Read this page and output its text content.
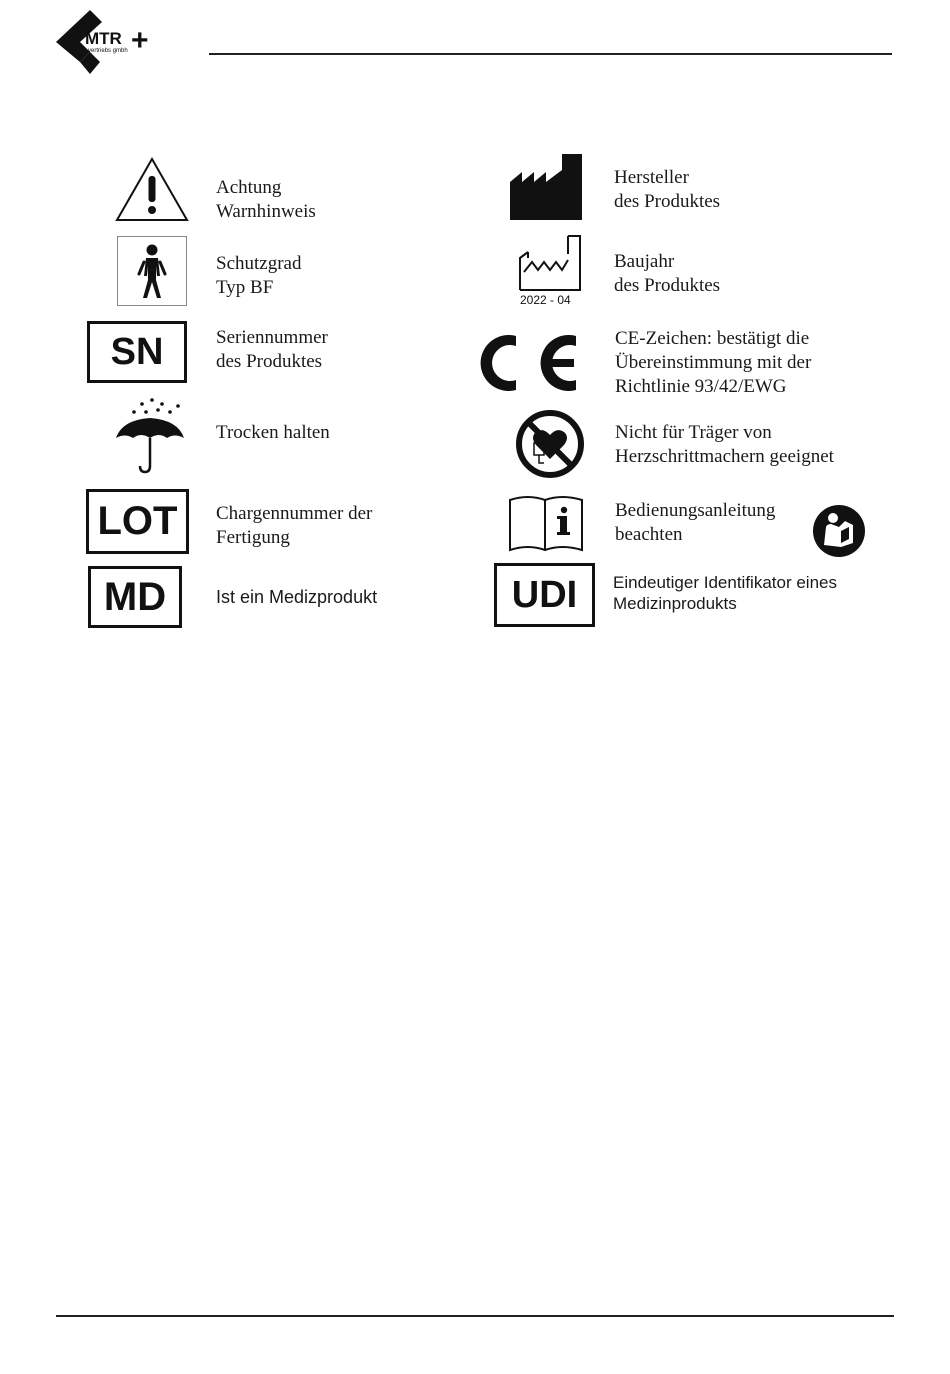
MTR
vertriebs gmbh +
Achtung
Warnhinweis
Schutzgrad
Typ BF
SN	Seriennummer
des Produktes
Trocken halten
LOT Chargennummer der
Fertigung
MD	Ist ein Medizprodukt
Hersteller
des Produktes
2022 - 04
Baujahr
des Produktes
CE-Zeichen: bestätigt die
Übereinstimmung mit der
Richtlinie 93/42/EWG
Nicht für Träger von
Herzschrittmachern geeignet
Bedienungsanleitung
beachten
UDI Eindeutiger Identifikator eines
Medizinprodukts
